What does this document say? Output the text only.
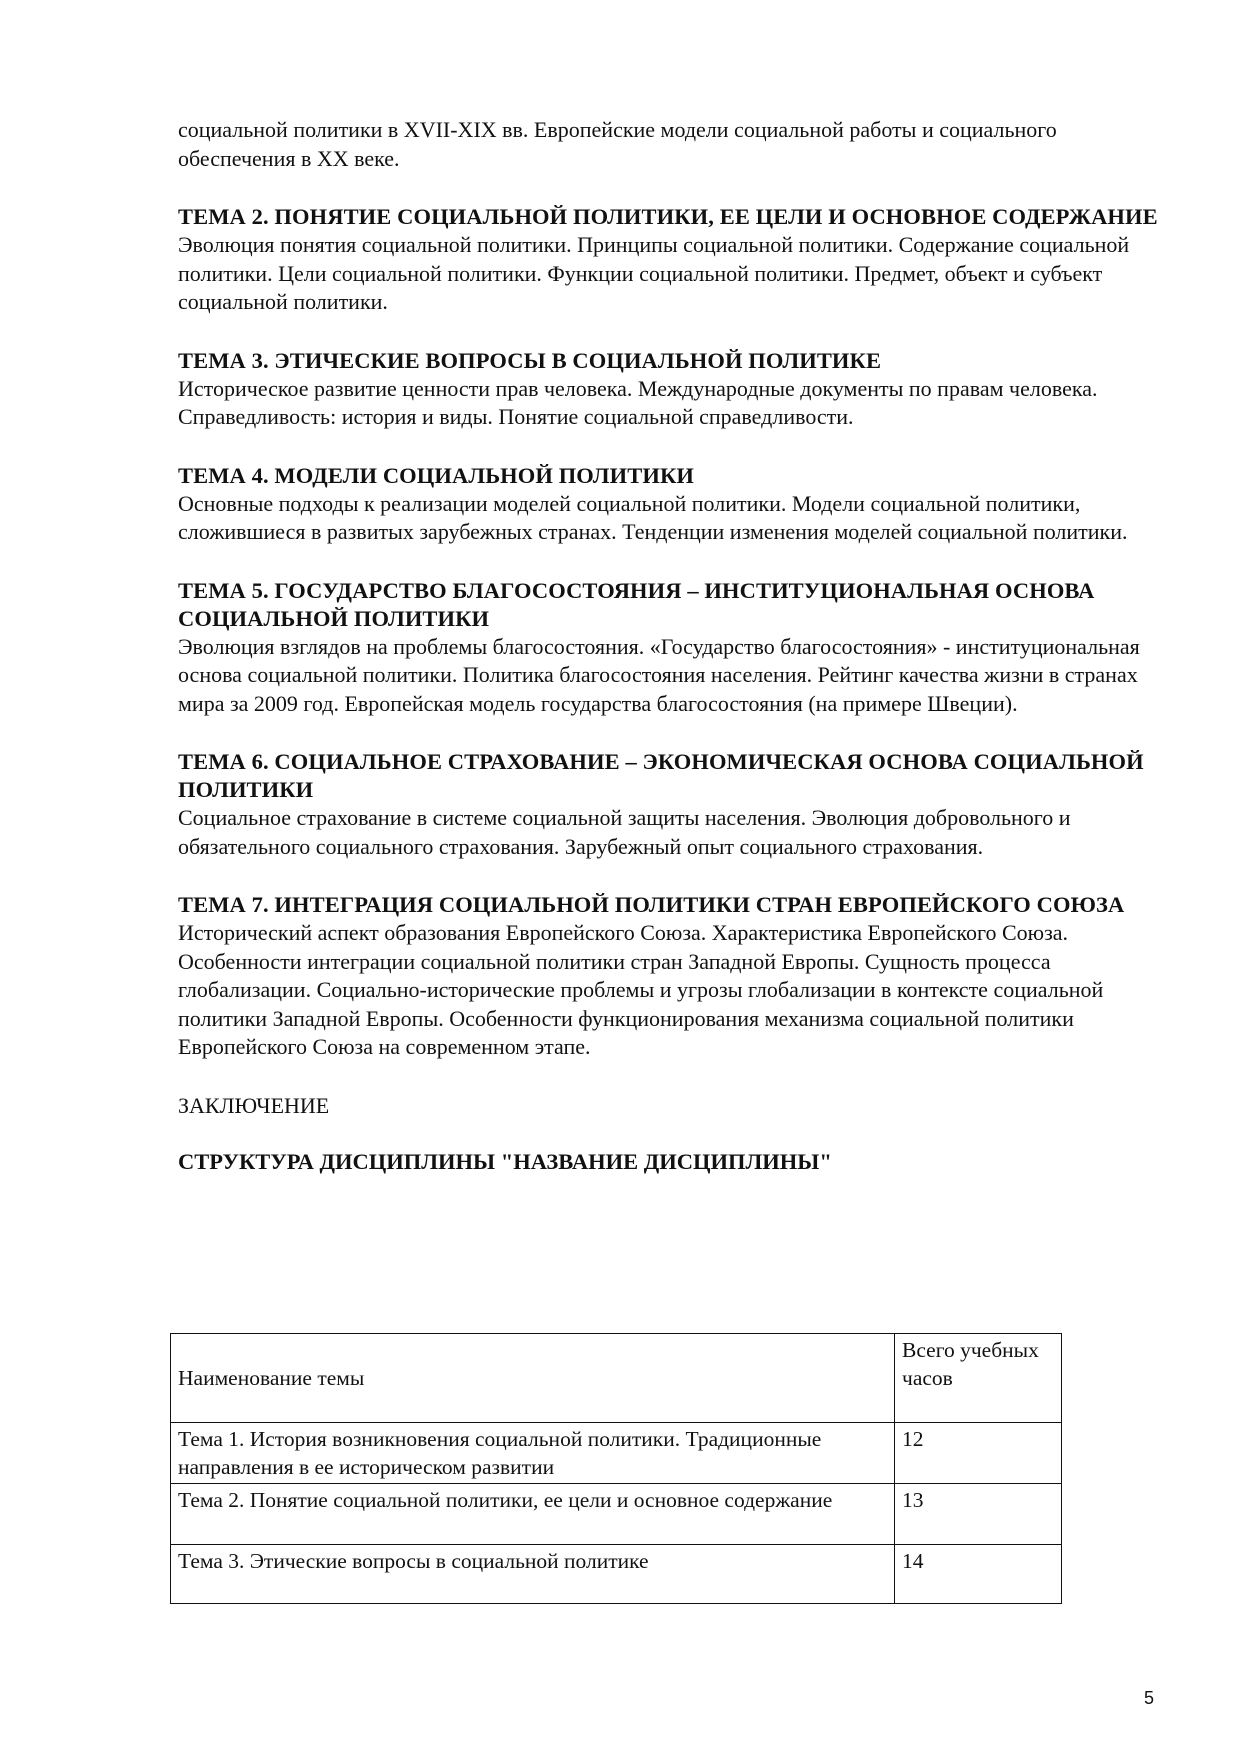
социальной политики в XVII-XIX вв. Европейские модели социальной работы и социального обеспечения в XX веке.

ТЕМА 2. ПОНЯТИЕ СОЦИАЛЬНОЙ ПОЛИТИКИ, ЕЕ ЦЕЛИ И ОСНОВНОЕ СОДЕРЖАНИЕ

Эволюция понятия социальной политики. Принципы социальной политики. Содержание социальной политики. Цели социальной политики. Функции социальной политики. Предмет, объект и субъект социальной политики.

ТЕМА 3. ЭТИЧЕСКИЕ ВОПРОСЫ В СОЦИАЛЬНОЙ ПОЛИТИКЕ

Историческое развитие ценности прав человека. Международные документы по правам человека. Справедливость: история и виды. Понятие социальной справедливости.

ТЕМА 4. МОДЕЛИ СОЦИАЛЬНОЙ ПОЛИТИКИ

Основные подходы к реализации моделей социальной политики. Модели социальной политики, сложившиеся в развитых зарубежных странах. Тенденции изменения моделей социальной политики.

ТЕМА 5. ГОСУДАРСТВО БЛАГОСОСТОЯНИЯ – ИНСТИТУЦИОНАЛЬНАЯ ОСНОВА СОЦИАЛЬНОЙ ПОЛИТИКИ

Эволюция взглядов на проблемы благосостояния. «Государство благосостояния» - институциональная основа социальной политики. Политика благосостояния населения. Рейтинг качества жизни в странах мира за 2009 год. Европейская модель государства благосостояния (на примере Швеции).

ТЕМА 6. СОЦИАЛЬНОЕ СТРАХОВАНИЕ – ЭКОНОМИЧЕСКАЯ ОСНОВА СОЦИАЛЬНОЙ ПОЛИТИКИ

Социальное страхование в системе социальной защиты населения. Эволюция добровольного и обязательного социального страхования. Зарубежный опыт социального страхования.

ТЕМА 7. ИНТЕГРАЦИЯ СОЦИАЛЬНОЙ ПОЛИТИКИ СТРАН ЕВРОПЕЙСКОГО СОЮЗА

Исторический аспект образования Европейского Союза. Характеристика Европейского Союза. Особенности интеграции социальной политики стран Западной Европы. Сущность процесса глобализации. Социально-исторические проблемы и угрозы глобализации в контексте социальной политики Западной Европы. Особенности функционирования механизма социальной политики Европейского Союза на современном этапе.

ЗАКЛЮЧЕНИЕ

СТРУКТУРА ДИСЦИПЛИНЫ "НАЗВАНИЕ ДИСЦИПЛИНЫ"

Наименование темы	Всего учебных часов
Тема 1. История возникновения социальной политики. Традиционные направления в ее историческом развитии	12
Тема 2. Понятие социальной политики, ее цели и основное содержание	13
Тема 3. Этические вопросы в социальной политике	14
5
